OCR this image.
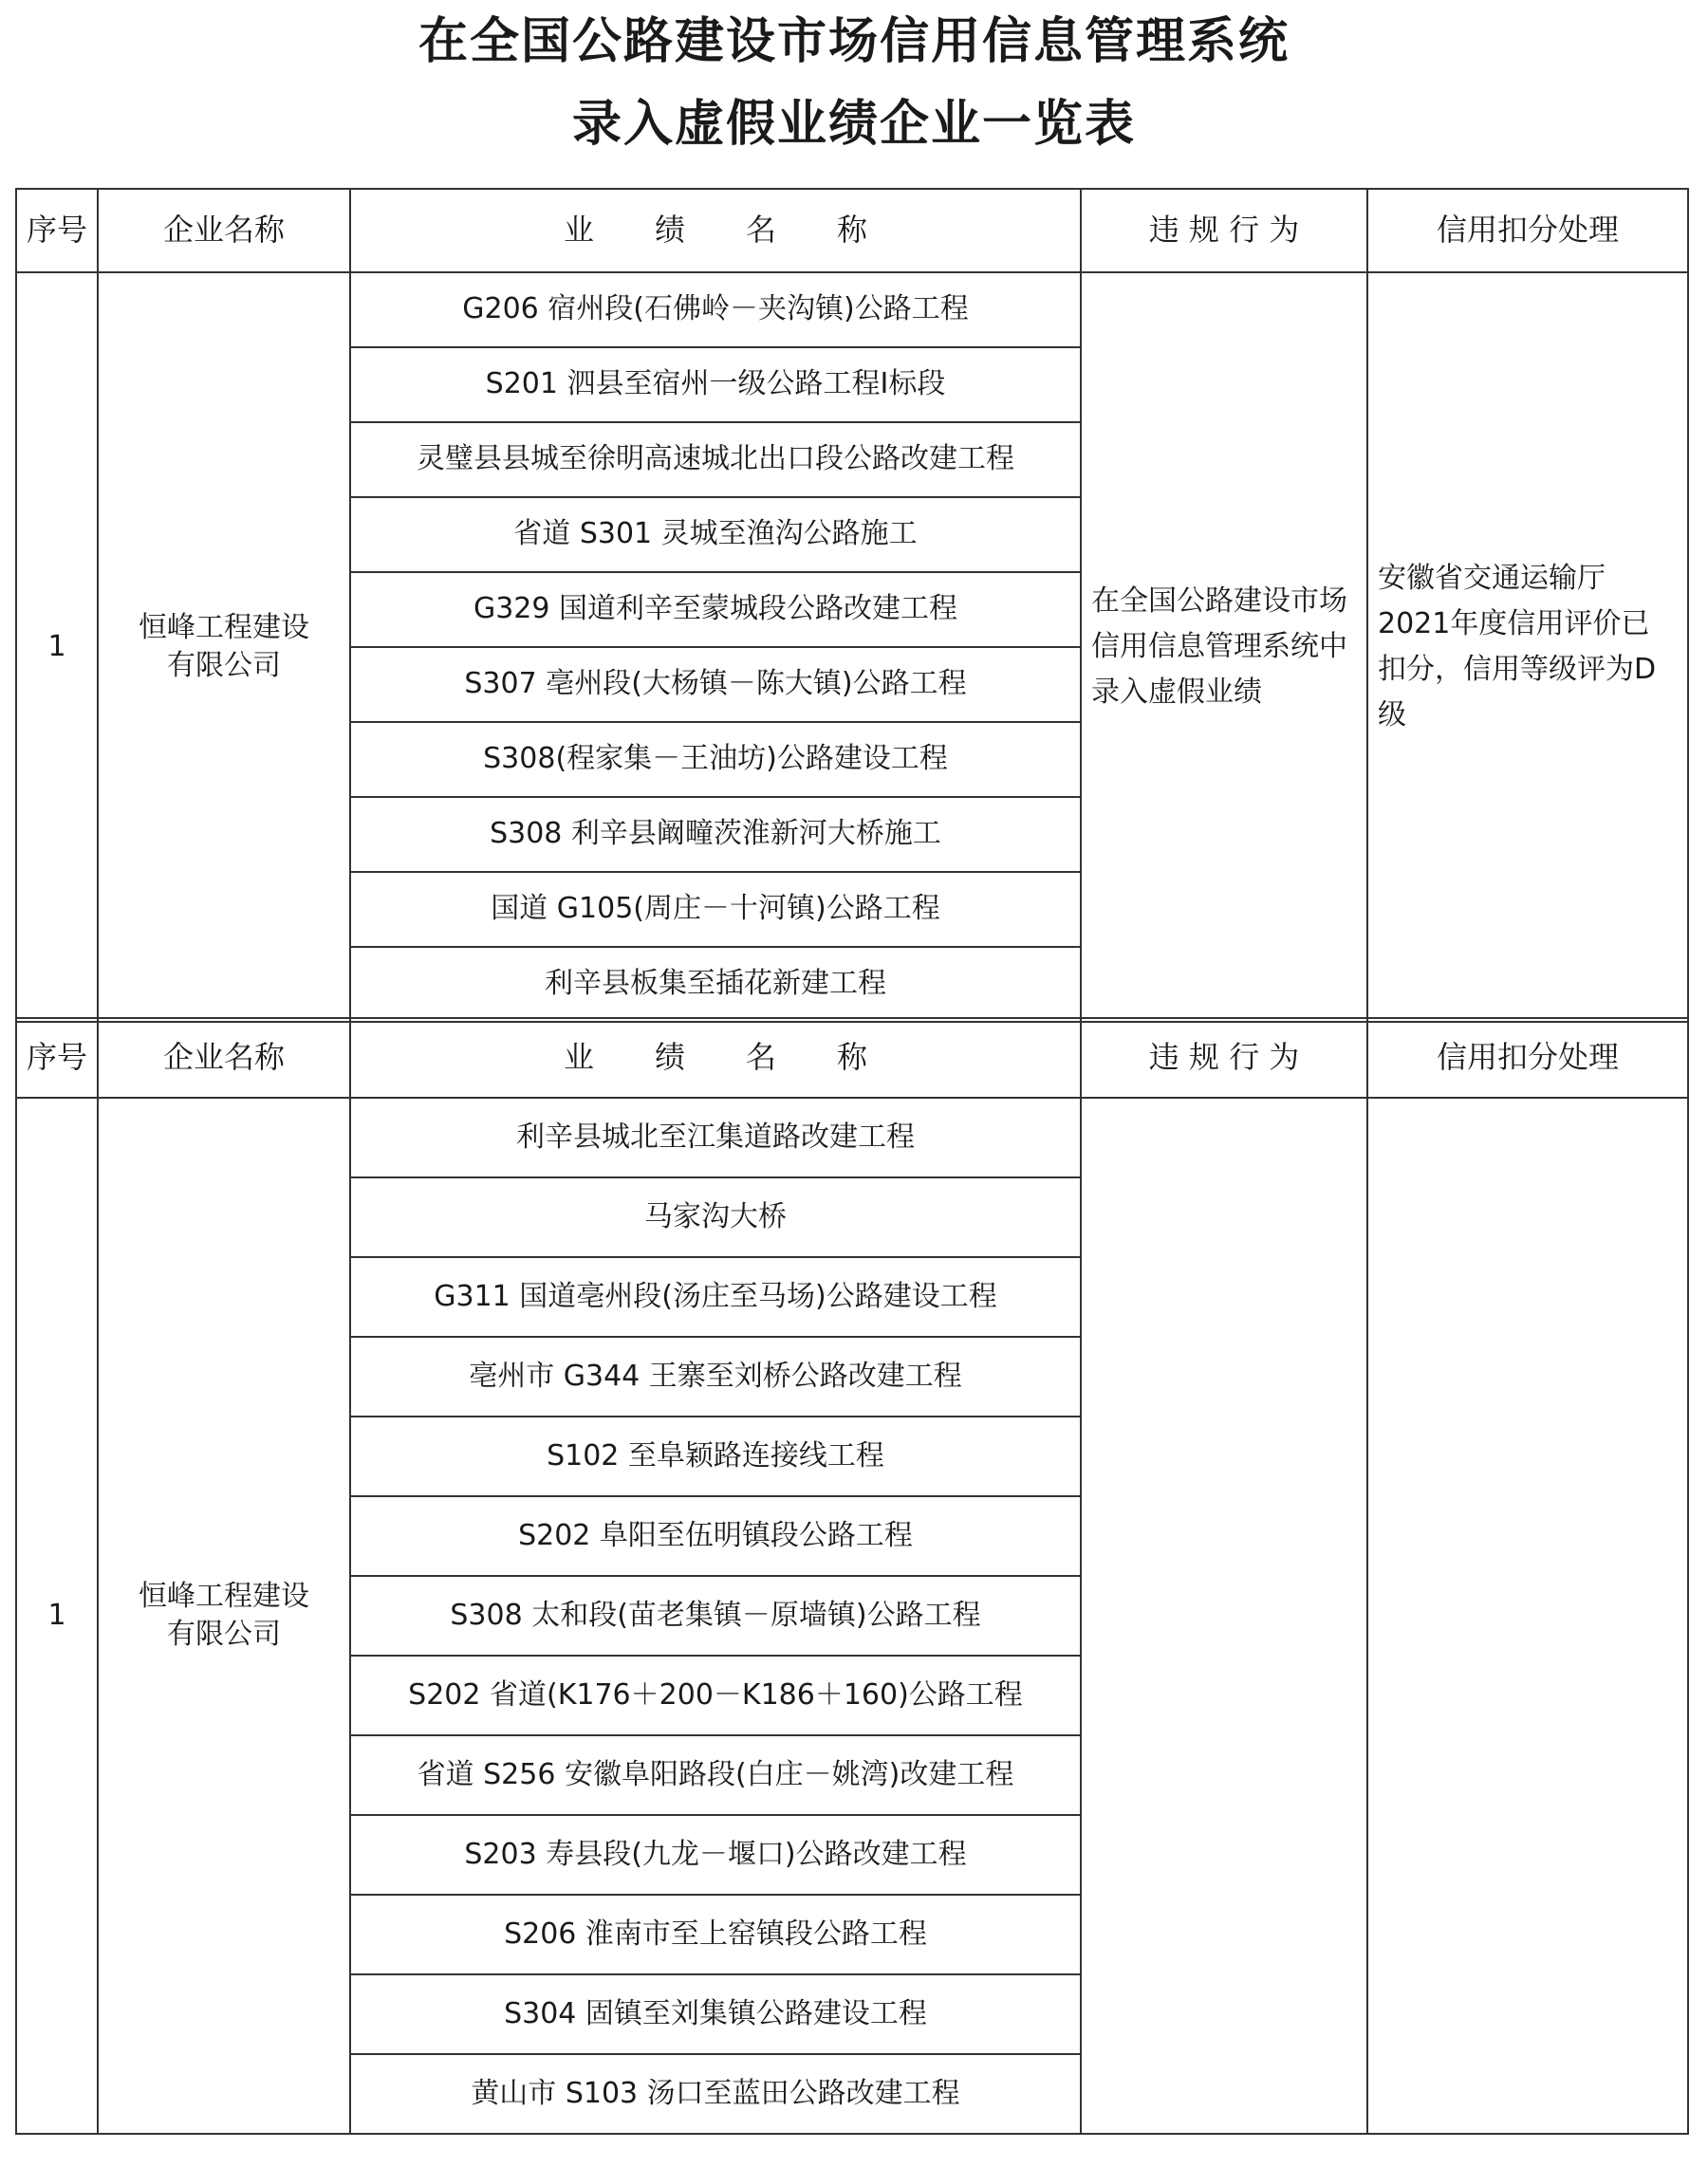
在全国公路建设市场信用信息管理系统
录入虚假业绩企业一览表
序号	企业名称	业　　绩　　名　　称	违 规 行 为	信用扣分处理
1	恒峰工程建设有限公司	G206 宿州段(石佛岭－夹沟镇)公路工程	在全国公路建设市场信用信息管理系统中录入虚假业绩	安徽省交通运输厅2021年度信用评价已扣分，信用等级评为D级
		S201 泗县至宿州一级公路工程Ⅰ标段		
		灵璧县县城至徐明高速城北出口段公路改建工程		
		省道 S301 灵城至渔沟公路施工		
		G329 国道利辛至蒙城段公路改建工程		
		S307 亳州段(大杨镇－陈大镇)公路工程		
		S308(程家集－王油坊)公路建设工程		
		S308 利辛县阚疃茨淮新河大桥施工		
		国道 G105(周庄－十河镇)公路工程		
		利辛县板集至插花新建工程		
序号	企业名称	业　　绩　　名　　称	违 规 行 为	信用扣分处理
1	恒峰工程建设有限公司	利辛县城北至江集道路改建工程		
		马家沟大桥		
		G311 国道亳州段(汤庄至马场)公路建设工程		
		亳州市 G344 王寨至刘桥公路改建工程		
		S102 至阜颖路连接线工程		
		S202 阜阳至伍明镇段公路工程		
		S308 太和段(苗老集镇－原墙镇)公路工程		
		S202 省道(K176＋200－K186＋160)公路工程		
		省道 S256 安徽阜阳路段(白庄－姚湾)改建工程		
		S203 寿县段(九龙－堰口)公路改建工程		
		S206 淮南市至上窑镇段公路工程		
		S304 固镇至刘集镇公路建设工程		
		黄山市 S103 汤口至蓝田公路改建工程		
